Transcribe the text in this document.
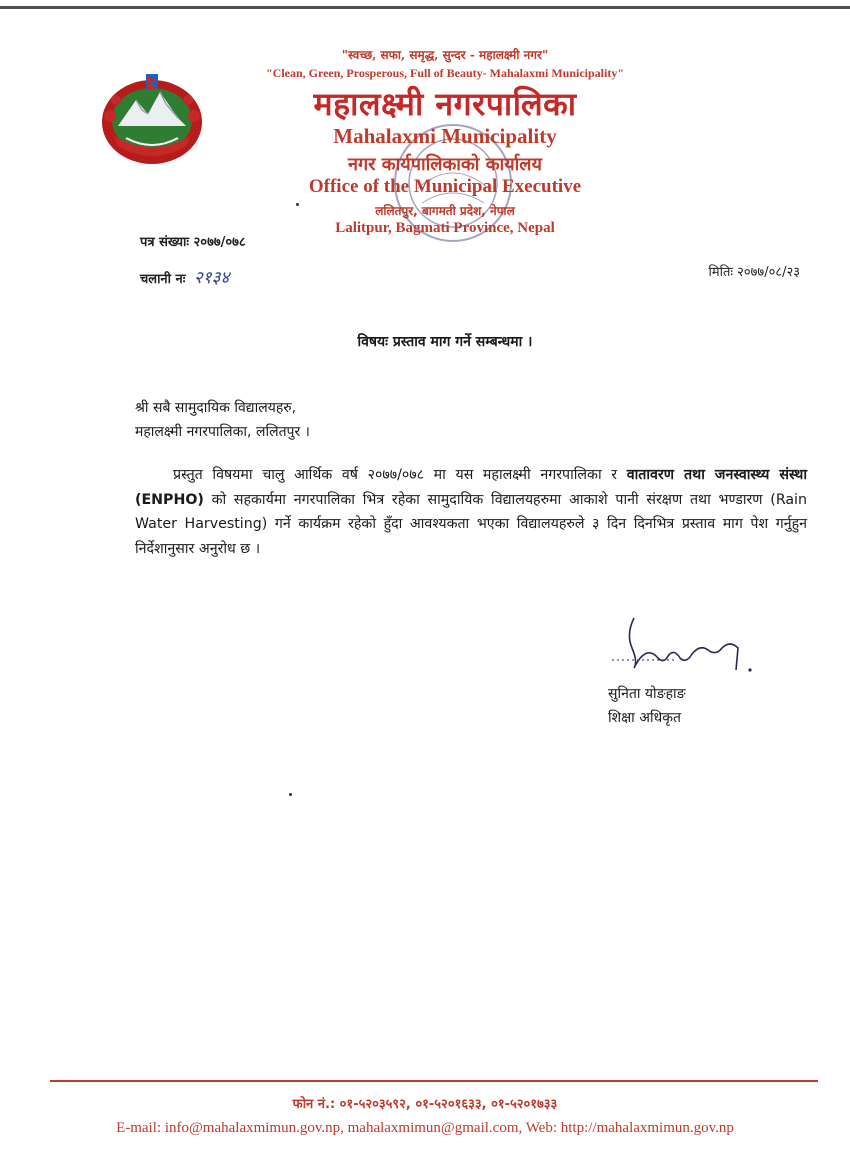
"स्वच्छ, सफा, समृद्ध, सुन्दर - महालक्ष्मी नगर"
"Clean, Green, Prosperous, Full of Beauty- Mahalaxmi Municipality"
महालक्ष्मी नगरपालिका
Mahalaxmi Municipality
नगर कार्यपालिकाको कार्यालय
Office of the Municipal Executive
ललितपुर, बागमती प्रदेश, नेपाल
Lalitpur, Bagmati Province, Nepal
पत्र संख्याः २०७७/०७८
चलानी नः २१३४	मितिः २०७७/०८/२३
विषयः प्रस्ताव माग गर्ने सम्बन्धमा ।
श्री सबै सामुदायिक विद्यालयहरु,
महालक्ष्मी नगरपालिका, ललितपुर ।
प्रस्तुत विषयमा चालु आर्थिक वर्ष २०७७/०७८ मा यस महालक्ष्मी नगरपालिका र वातावरण तथा जनस्वास्थ्य संस्था (ENPHO) को सहकार्यमा नगरपालिका भित्र रहेका सामुदायिक विद्यालयहरुमा आकाशे पानी संरक्षण तथा भण्डारण (Rain Water Harvesting) गर्ने कार्यक्रम रहेको हुँदा आवश्यकता भएका विद्यालयहरुले ३ दिन दिनभित्र प्रस्ताव माग पेश गर्नुहुन निर्देशानुसार अनुरोध छ ।
सुनिता योङहाङ
शिक्षा अधिकृत
फोन नं.: ०१-५२०३५९२, ०१-५२०१६३३, ०१-५२०१७३३
E-mail: info@mahalaxmimun.gov.np, mahalaxmimun@gmail.com, Web: http://mahalaxmimun.gov.np
